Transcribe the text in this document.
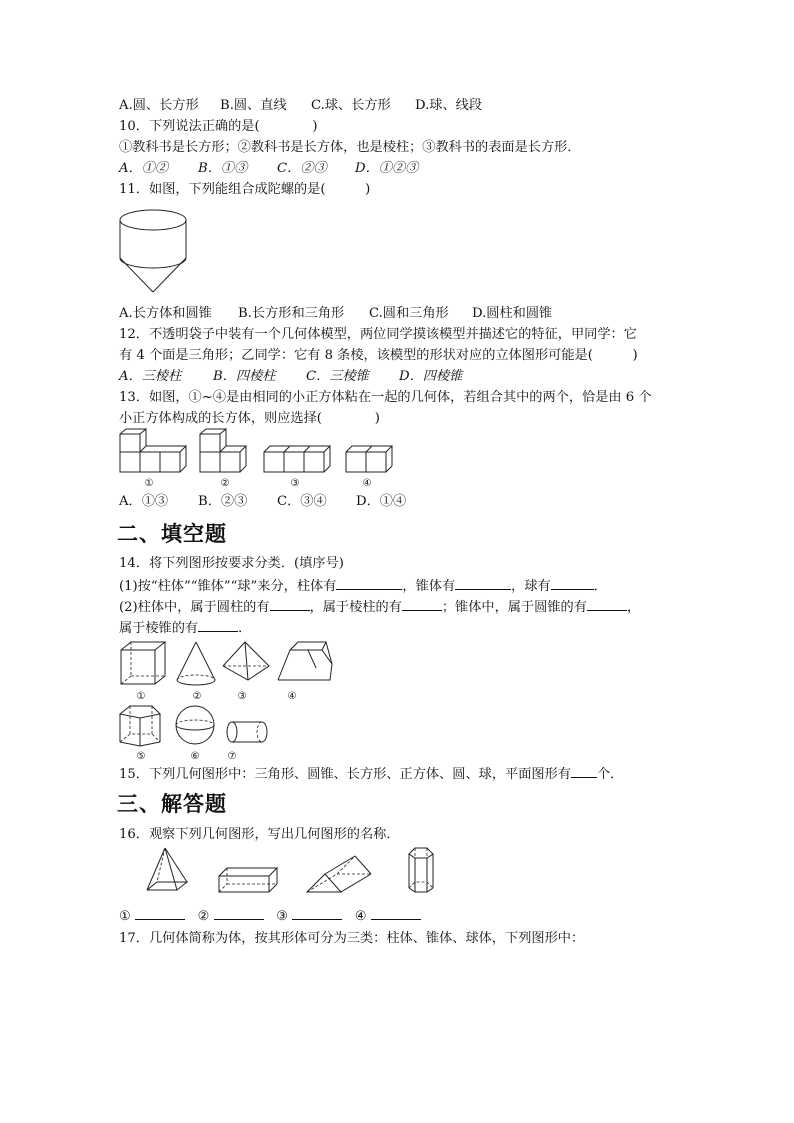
A.圆、长方形 B.圆、直线 C.球、长方形 D.球、线段
10．下列说法正确的是(　　　　)
①教科书是长方形；②教科书是长方体，也是棱柱；③教科书的表面是长方形．
A．①② B．①③ C．②③ D．①②③
11．如图，下列能组合成陀螺的是(　　　)
A.长方体和圆锥 B.长方形和三角形 C.圆和三角形 D.圆柱和圆锥
12．不透明袋子中装有一个几何体模型，两位同学摸该模型并描述它的特征，甲同学：它
有 4 个面是三角形；乙同学：它有 8 条棱，该模型的形状对应的立体图形可能是(　　　)
A．三棱柱 B．四棱柱 C．三棱锥 D．四棱锥
13．如图，①~④是由相同的小正方体粘在一起的几何体，若组合其中的两个，恰是由 6 个
小正方体构成的长方体，则应选择(　　　　)
①	②	③	④
A．①③ B．②③ C．③④ D．①④
二、填空题
14．将下列图形按要求分类．(填序号)
(1)按“柱体”“锥体”“球”来分，柱体有	，锥体有	，球有	．
(2)柱体中，属于圆柱的有	，属于棱柱的有	；锥体中，属于圆锥的有	，
属于棱锥的有	．
①	②	③	④
⑤	⑥	⑦
15．下列几何图形中：三角形、圆锥、长方形、正方体、圆、球，平面图形有 个．
三、解答题
16．观察下列几何图形，写出几何图形的名称．
①	②	③	④
17．几何体简称为体，按其形体可分为三类：柱体、锥体、球体，下列图形中：
